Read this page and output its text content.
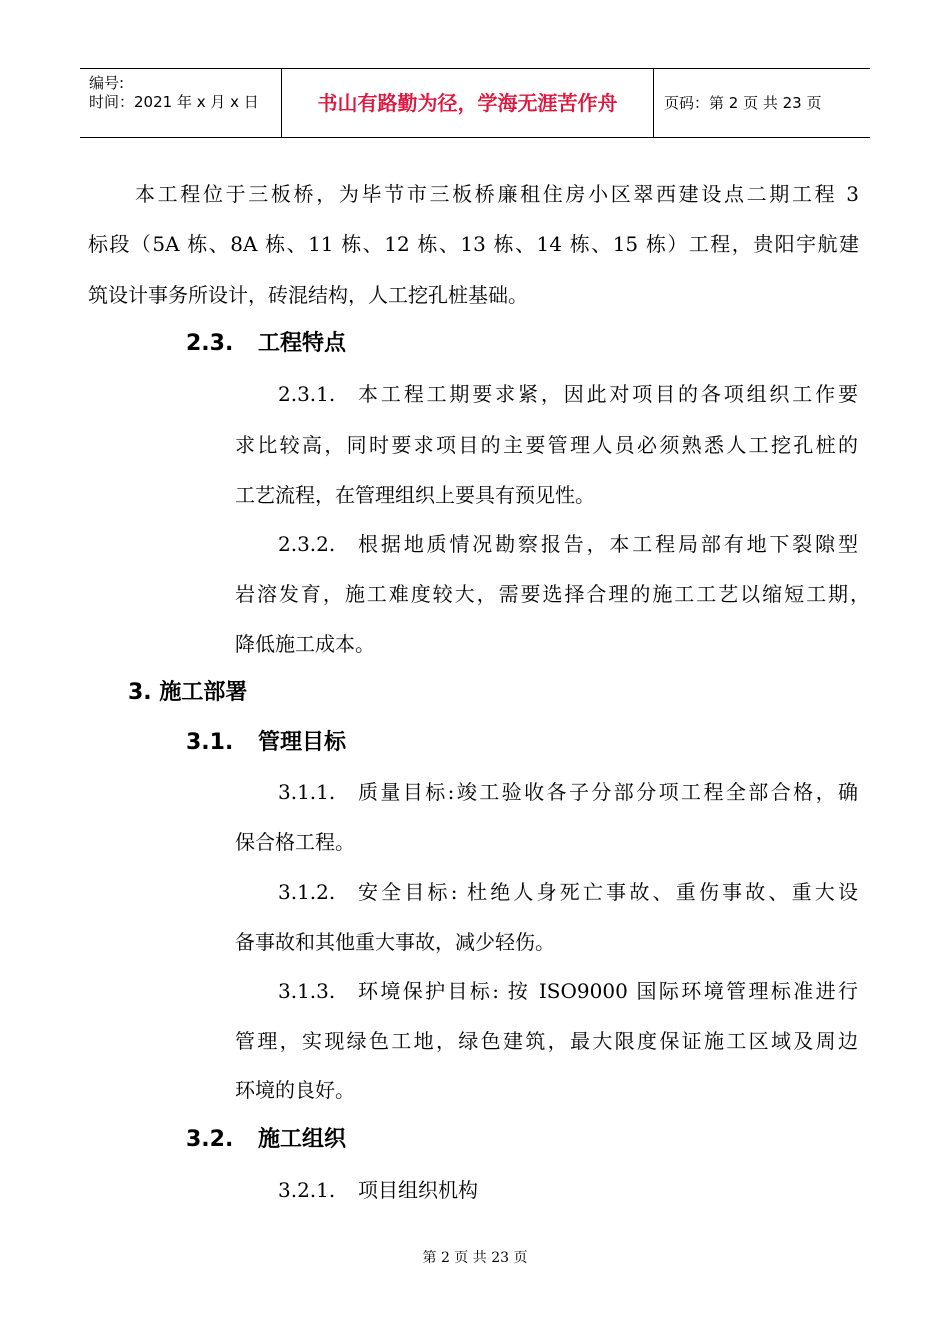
编号:
时间：2021 年 x 月 x 日	书山有路勤为径，学海无涯苦作舟	页码：第 2 页 共 23 页
本工程位于三板桥，为毕节市三板桥廉租住房小区翠西建设点二期工程 3
标段（5A 栋、8A 栋、11 栋、12 栋、13 栋、14 栋、15 栋）工程，贵阳宇航建
筑设计事务所设计，砖混结构，人工挖孔桩基础。
2.3. 工程特点
2.3.1. 本工程工期要求紧，因此对项目的各项组织工作要
求比较高，同时要求项目的主要管理人员必须熟悉人工挖孔桩的
工艺流程，在管理组织上要具有预见性。
2.3.2. 根据地质情况勘察报告，本工程局部有地下裂隙型
岩溶发育，施工难度较大，需要选择合理的施工工艺以缩短工期，
降低施工成本。
3. 施工部署
3.1. 管理目标
3.1.1. 质量目标:竣工验收各子分部分项工程全部合格，确
保合格工程。
3.1.2. 安全目标: 杜绝人身死亡事故、重伤事故、重大设
备事故和其他重大事故，减少轻伤。
3.1.3. 环境保护目标: 按 ISO9000 国际环境管理标准进行
管理，实现绿色工地，绿色建筑，最大限度保证施工区域及周边
环境的良好。
3.2. 施工组织
3.2.1. 项目组织机构
第 2 页 共 23 页
